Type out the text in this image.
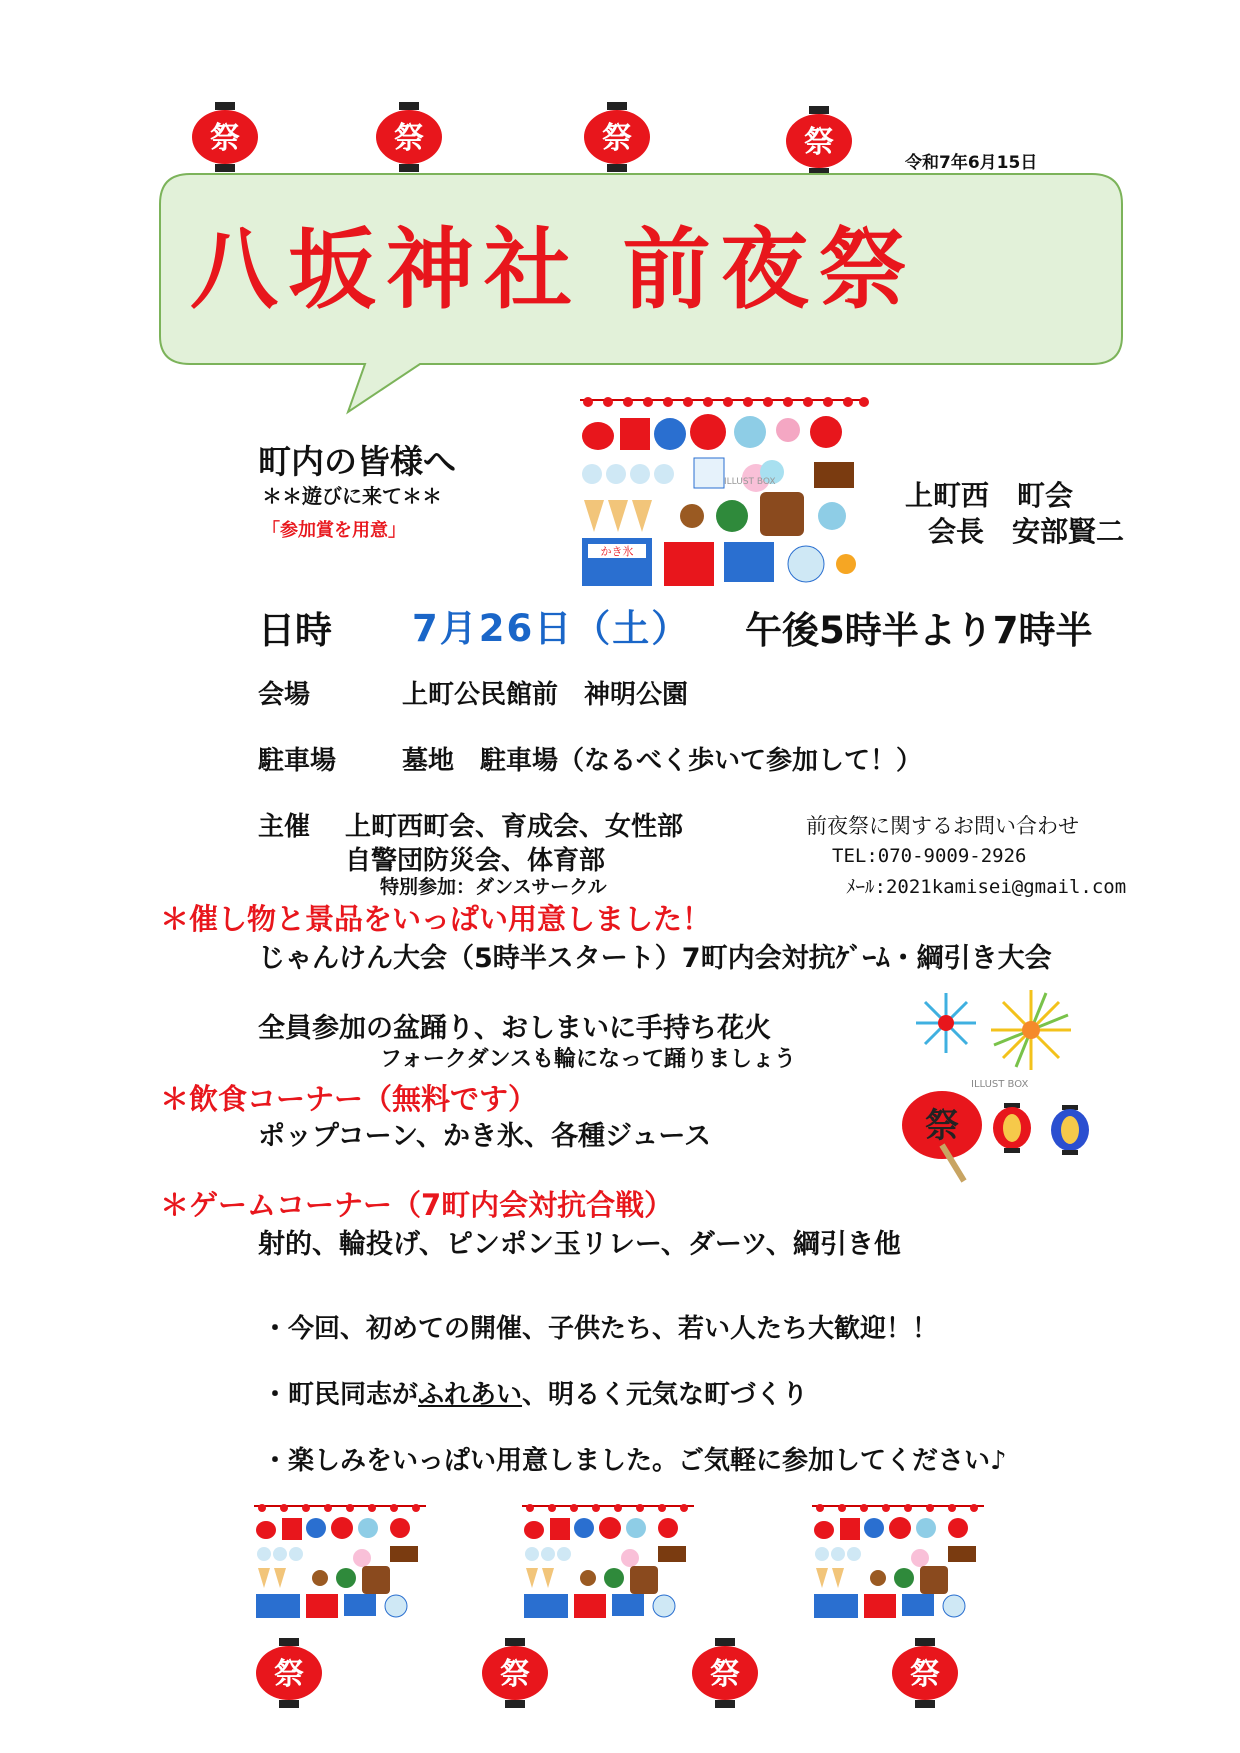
祭	祭	祭	祭
令和7年6月15日
八坂神社 前夜祭
町内の皆様へ
＊＊遊びに来て＊＊
「参加賞を用意」
かき氷
ILLUST BOX	上町西　町会
会長　安部賢二
日時 7月26日（土） 午後5時半より7時半
会場	上町公民館前　神明公園
駐車場	墓地　駐車場（なるべく歩いて参加して！）
主催 上町西町会、育成会、女性部
自警団防災会、体育部
特別参加：ダンスサークル
前夜祭に関するお問い合わせ
TEL:070-9009-2926
ﾒｰﾙ:2021kamisei@gmail.com
＊催し物と景品をいっぱい用意しました！
じゃんけん大会（5時半スタート）7町内会対抗ｹﾞｰﾑ・綱引き大会
全員参加の盆踊り、おしまいに手持ち花火
フォークダンスも輪になって踊りましょう
ILLUST BOX
祭
＊飲食コーナー（無料です）
ポップコーン、かき氷、各種ジュース
＊ゲームコーナー（7町内会対抗合戦）
射的、輪投げ、ピンポン玉リレー、ダーツ、綱引き他
・今回、初めての開催、子供たち、若い人たち大歓迎！！
・町民同志がふれあい、明るく元気な町づくり
・楽しみをいっぱい用意しました。ご気軽に参加してください♪
祭	祭	祭	祭
